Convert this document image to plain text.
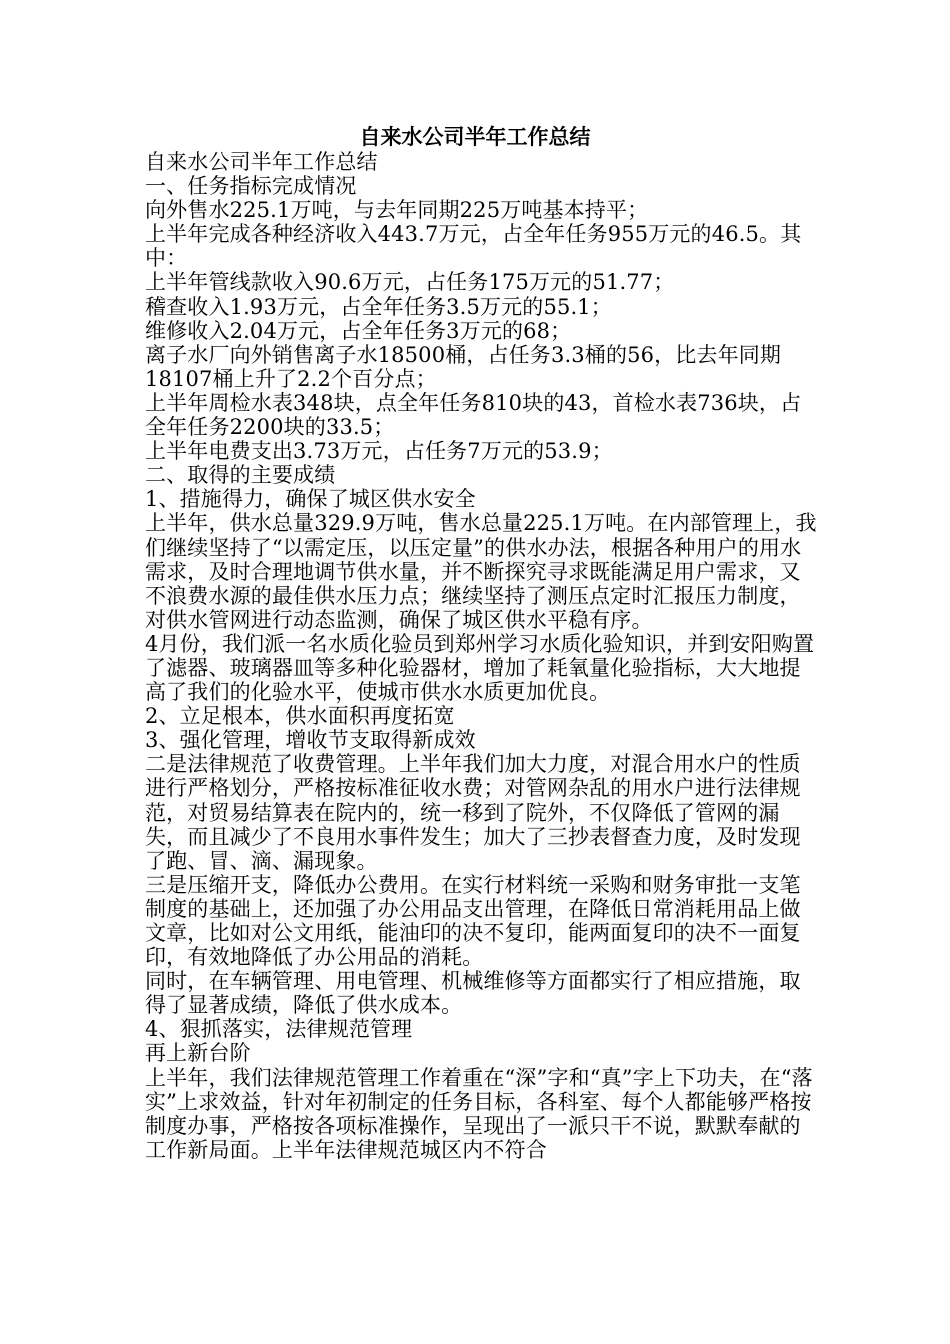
自来水公司半年工作总结

自来水公司半年工作总结

一、任务指标完成情况

向外售水225.1万吨，与去年同期225万吨基本持平；

上半年完成各种经济收入443.7万元，占全年任务955万元的46.5。其中：

上半年管线款收入90.6万元，占任务175万元的51.77；

稽查收入1.93万元，占全年任务3.5万元的55.1；

维修收入2.04万元，占全年任务3万元的68；

离子水厂向外销售离子水18500桶，占任务3.3桶的56，比去年同期18107桶上升了2.2个百分点；

上半年周检水表348块，点全年任务810块的43，首检水表736块，占全年任务2200块的33.5；

上半年电费支出3.73万元，占任务7万元的53.9；

二、取得的主要成绩

1、措施得力，确保了城区供水安全

上半年，供水总量329.9万吨，售水总量225.1万吨。在内部管理上，我们继续坚持了“以需定压，以压定量”的供水办法，根据各种用户的用水需求，及时合理地调节供水量，并不断探究寻求既能满足用户需求，又不浪费水源的最佳供水压力点；继续坚持了测压点定时汇报压力制度，对供水管网进行动态监测，确保了城区供水平稳有序。

4月份，我们派一名水质化验员到郑州学习水质化验知识，并到安阳购置了滤器、玻璃器皿等多种化验器材，增加了耗氧量化验指标，大大地提高了我们的化验水平，使城市供水水质更加优良。

2、立足根本，供水面积再度拓宽

3、强化管理，增收节支取得新成效

二是法律规范了收费管理。上半年我们加大力度，对混合用水户的性质进行严格划分，严格按标准征收水费；对管网杂乱的用水户进行法律规范，对贸易结算表在院内的，统一移到了院外，不仅降低了管网的漏失，而且减少了不良用水事件发生；加大了三抄表督查力度，及时发现了跑、冒、滴、漏现象。

三是压缩开支，降低办公费用。在实行材料统一采购和财务审批一支笔制度的基础上，还加强了办公用品支出管理，在降低日常消耗用品上做文章，比如对公文用纸，能油印的决不复印，能两面复印的决不一面复印，有效地降低了办公用品的消耗。

同时，在车辆管理、用电管理、机械维修等方面都实行了相应措施，取得了显著成绩，降低了供水成本。

4、狠抓落实，法律规范管理

再上新台阶

上半年，我们法律规范管理工作着重在“深”字和“真”字上下功夫，在“落实”上求效益，针对年初制定的任务目标，各科室、每个人都能够严格按制度办事，严格按各项标准操作，呈现出了一派只干不说，默默奉献的工作新局面。上半年法律规范城区内不符合
